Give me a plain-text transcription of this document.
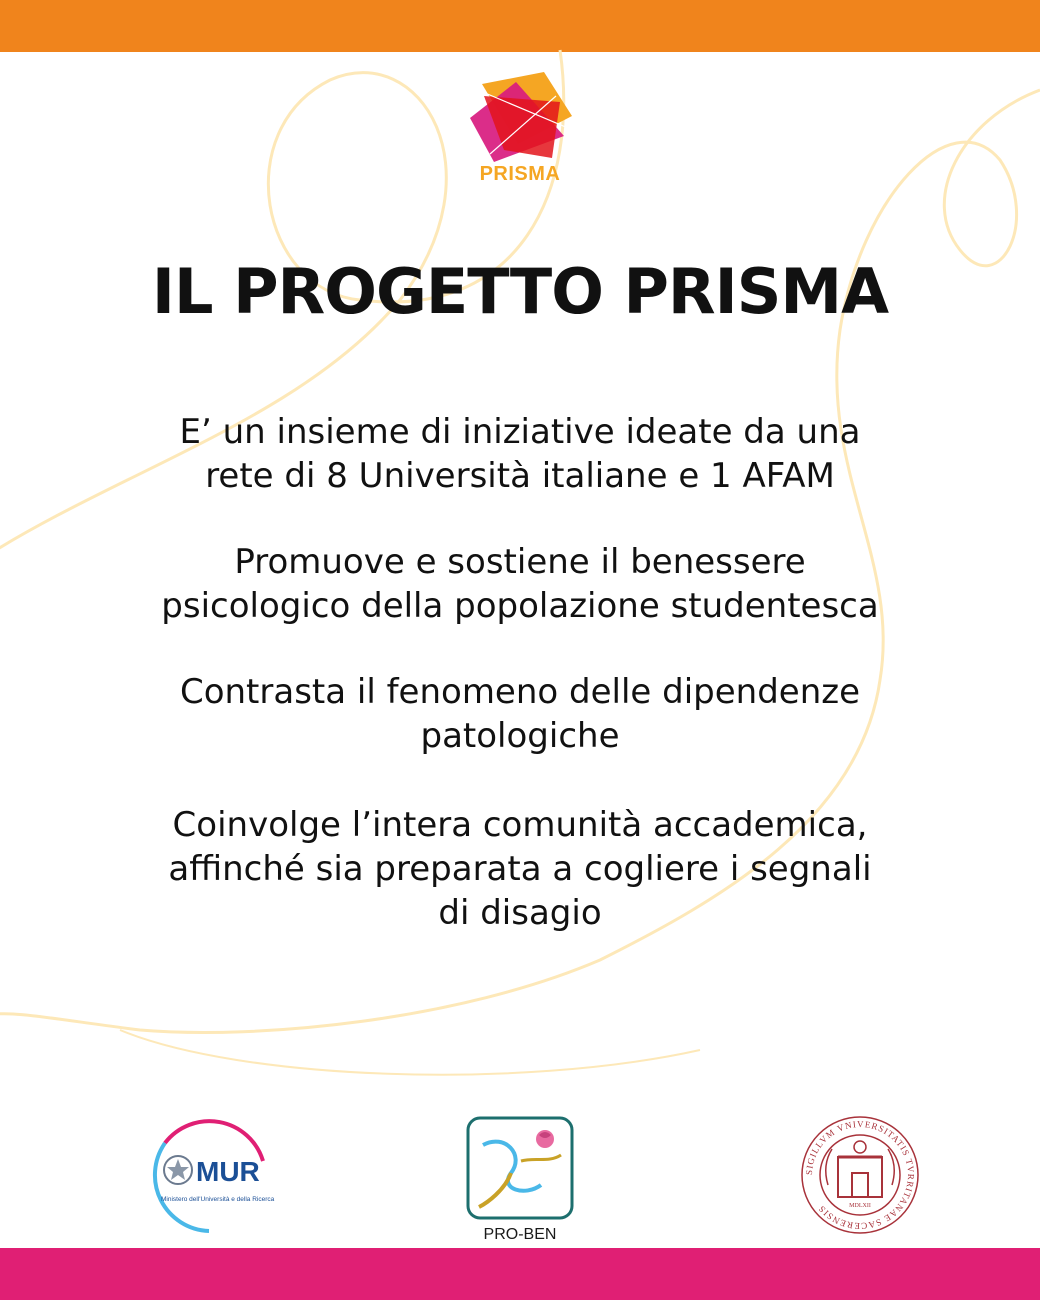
PRISMA
IL PROGETTO PRISMA

E’ un insieme di iniziative ideate da una
rete di 8 Università italiane e 1 AFAM

Promuove e sostiene il benessere
psicologico della popolazione studentesca

Contrasta il fenomeno delle dipendenze
patologiche

Coinvolge l’intera comunità accademica,
affinché sia preparata a cogliere i segnali
di disagio

MUR
Ministero dell'Università e della Ricerca
PRO-BEN
MDLXII
SIGILLVM VNIVERSITATIS TVRRITANAE SACERENSIS
